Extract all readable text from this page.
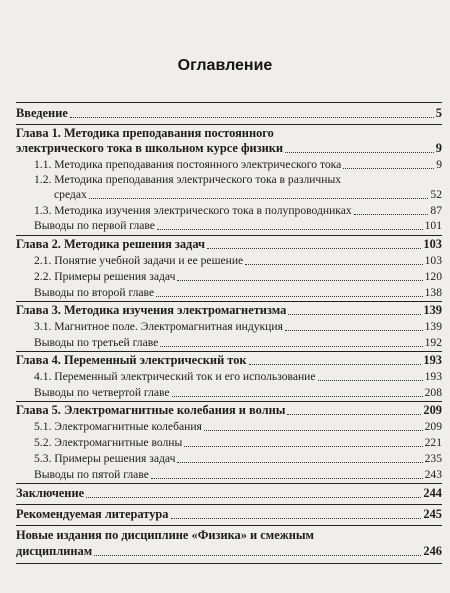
Оглавление
Введение	5
Глава 1. Методика преподавания постоянного
электрического тока в школьном курсе физики	9
1.1. Методика преподавания постоянного электрического тока	9
1.2. Методика преподавания электрического тока в различных
средах	52
1.3. Методика изучения электрического тока в полупроводниках	87
Выводы по первой главе	101
Глава 2. Методика решения задач	103
2.1. Понятие учебной задачи и ее решение	103
2.2. Примеры решения задач	120
Выводы по второй главе	138
Глава 3. Методика изучения электромагнетизма	139
3.1. Магнитное поле. Электромагнитная индукция	139
Выводы по третьей главе	192
Глава 4. Переменный электрический ток	193
4.1. Переменный электрический ток и его использование	193
Выводы по четвертой главе	208
Глава 5. Электромагнитные колебания и волны	209
5.1. Электромагнитные колебания	209
5.2. Электромагнитные волны	221
5.3. Примеры решения задач	235
Выводы по пятой главе	243
Заключение	244
Рекомендуемая литература	245
Новые издания по дисциплине «Физика» и смежным
дисциплинам	246
